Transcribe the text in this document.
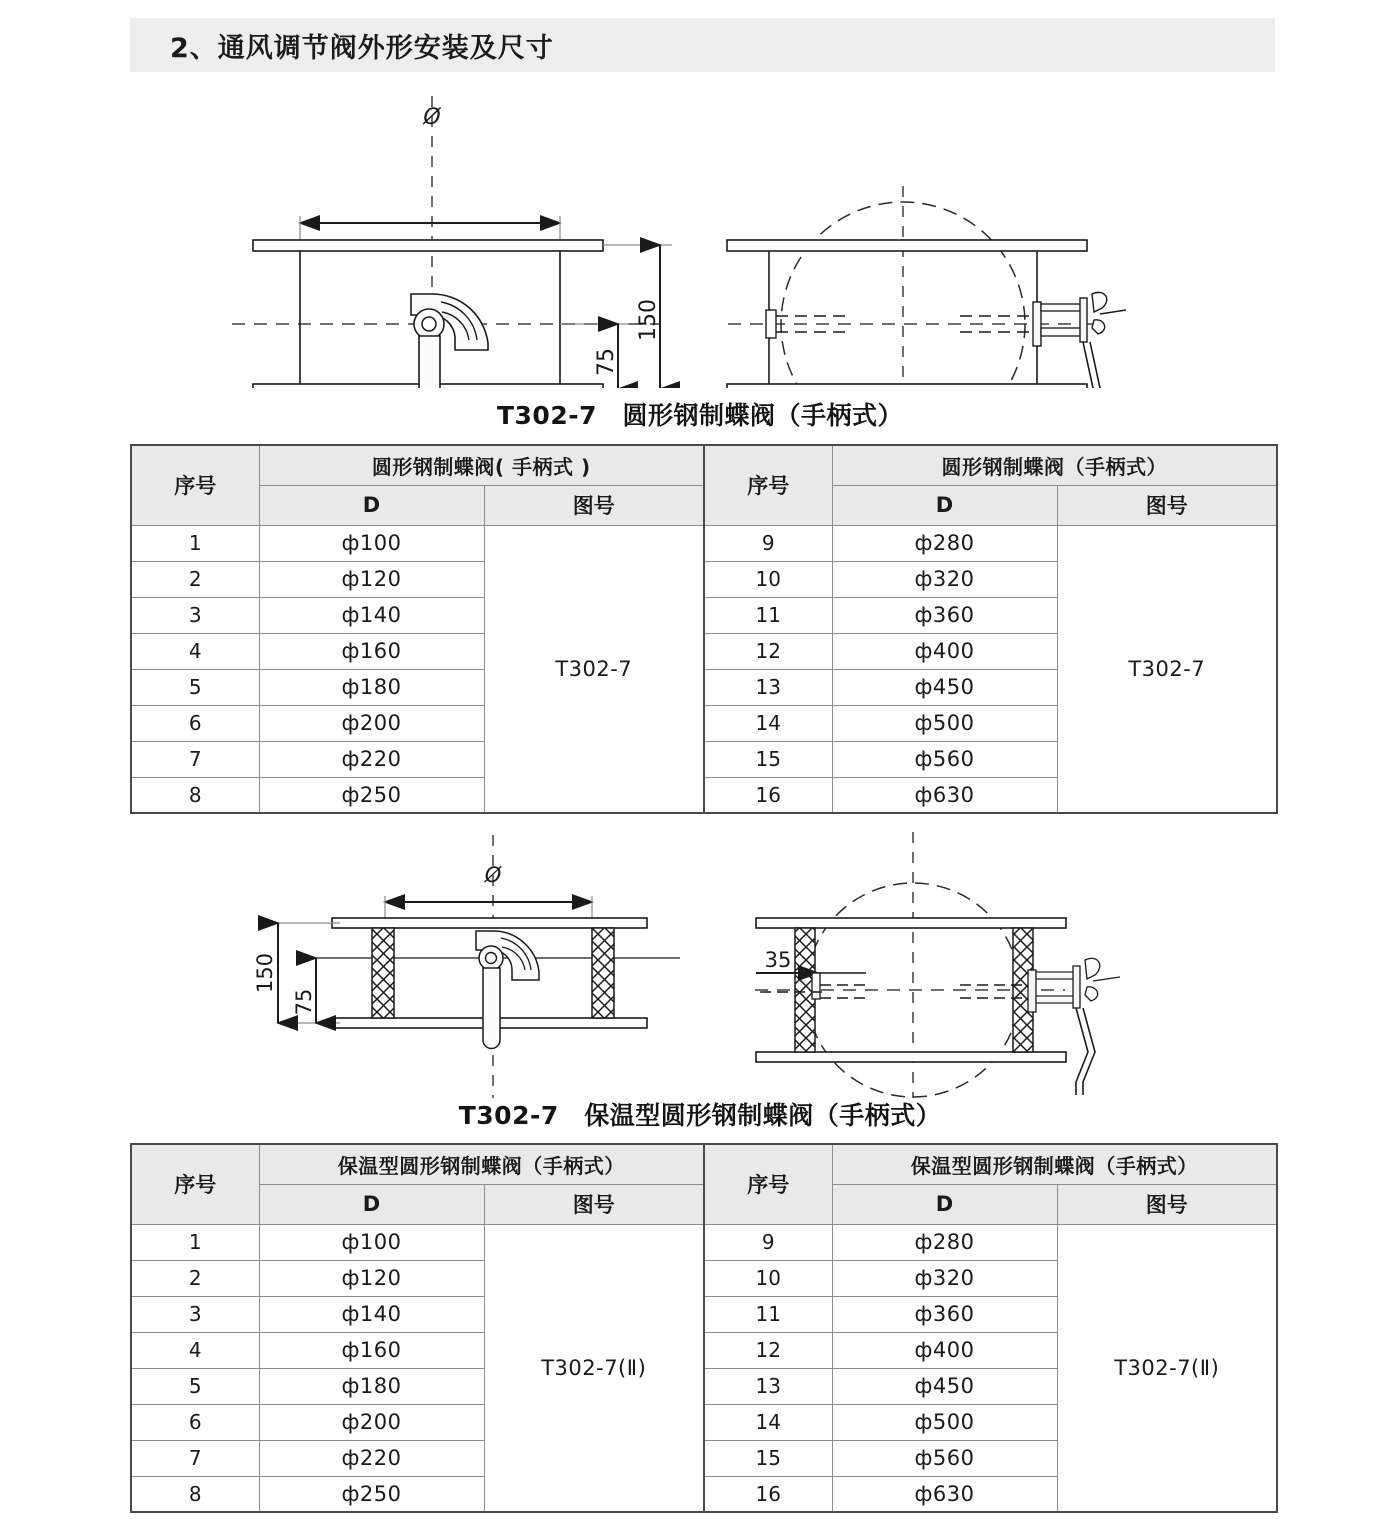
2、通风调节阀外形安装及尺寸
Ø
150
75
T302-7　圆形钢制蝶阀（手柄式）
序号	圆形钢制蝶阀( 手柄式 )		序号	圆形钢制蝶阀（手柄式）	
	D	图号		D	图号
1	ф100	T302-7	9	ф280	T302-7
2	ф120		10	ф320	
3	ф140		11	ф360	
4	ф160		12	ф400	
5	ф180		13	ф450	
6	ф200		14	ф500	
7	ф220		15	ф560	
8	ф250		16	ф630	
Ø
150
75
35
T302-7　保温型圆形钢制蝶阀（手柄式）
序号	保温型圆形钢制蝶阀（手柄式）		序号	保温型圆形钢制蝶阀（手柄式）	
	D	图号		D	图号
1	ф100	T302-7(Ⅱ)	9	ф280	T302-7(Ⅱ)
2	ф120		10	ф320	
3	ф140		11	ф360	
4	ф160		12	ф400	
5	ф180		13	ф450	
6	ф200		14	ф500	
7	ф220		15	ф560	
8	ф250		16	ф630	
